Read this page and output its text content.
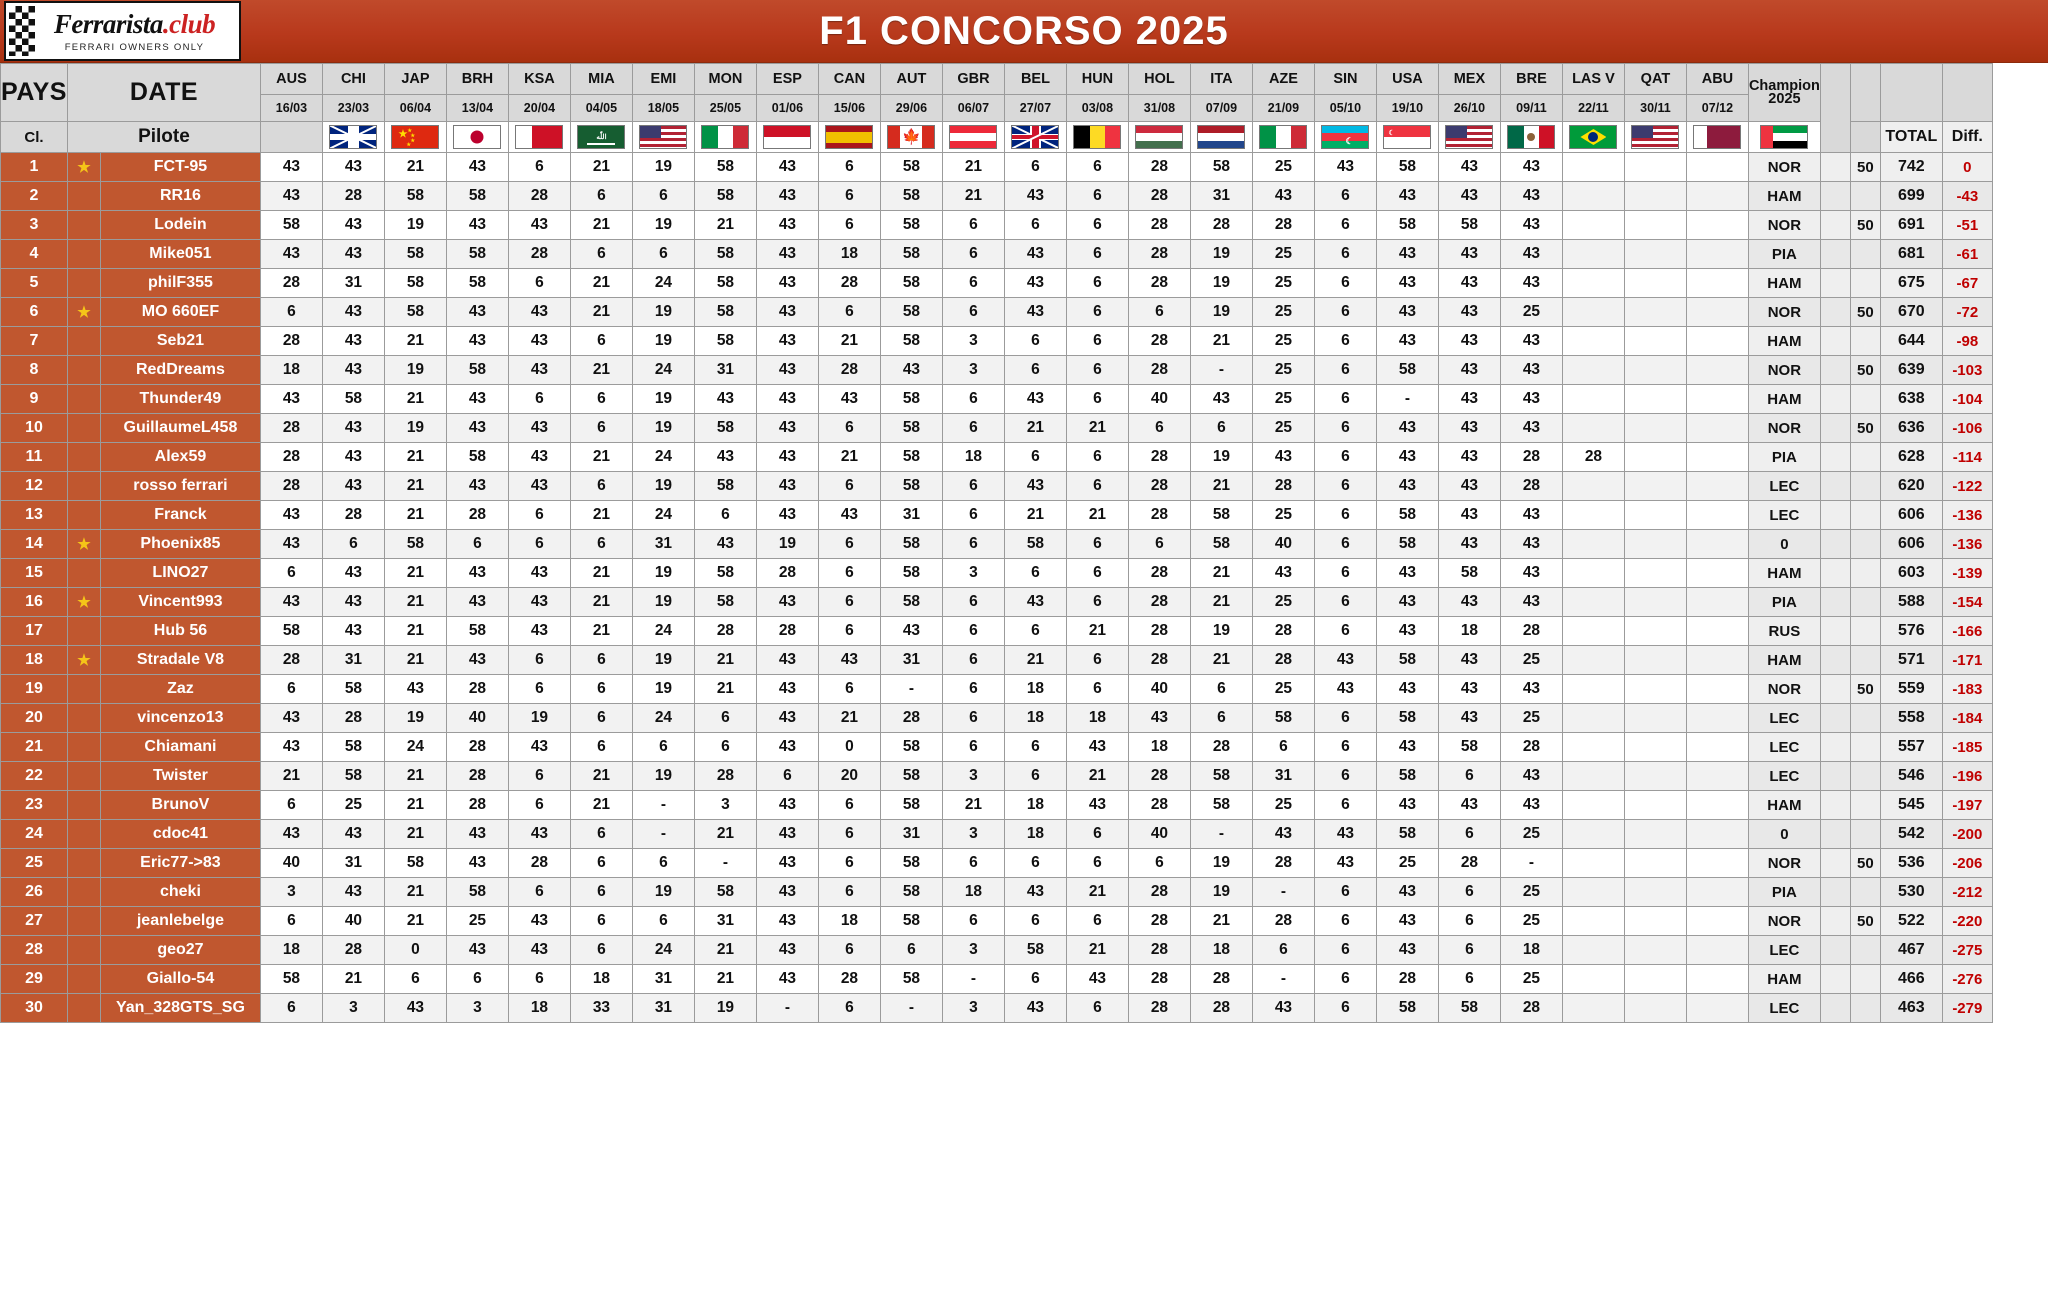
Ferrarista.club
FERRARI OWNERS ONLY	F1 CONCORSO 2025
PAYS	DATE		AUS	CHI	JAP	BRH	KSA	MIA	EMI	MON	ESP	CAN	AUT	GBR	BEL	HUN	HOL	ITA	AZE	SIN	USA	MEX	BRE	LAS V	QAT	ABU	Champion
2025				

			16/03	23/03	06/04	13/04	20/04	04/05	18/05	25/05	01/06	15/06	29/06	06/07	27/07	03/08	31/08	07/09	21/09	05/10	19/10	26/10	09/11	22/11	30/11	07/12					
Cl.	Pilote				★ ★
★
★
★			اللّٰه					🍁								☾									TOTAL	Diff.
1	★	FCT-95	43	43	21	43	6	21	19	58	43	6	58	21	6	6	28	58	25	43	58	43	43				NOR		50	742	0
2		RR16	43	28	58	58	28	6	6	58	43	6	58	21	43	6	28	31	43	6	43	43	43				HAM			699	-43
3		Lodein	58	43	19	43	43	21	19	21	43	6	58	6	6	6	28	28	28	6	58	58	43				NOR		50	691	-51
4		Mike051	43	43	58	58	28	6	6	58	43	18	58	6	43	6	28	19	25	6	43	43	43				PIA			681	-61
5		philF355	28	31	58	58	6	21	24	58	43	28	58	6	43	6	28	19	25	6	43	43	43				HAM			675	-67
6	★	MO 660EF	6	43	58	43	43	21	19	58	43	6	58	6	43	6	6	19	25	6	43	43	25				NOR		50	670	-72
7		Seb21	28	43	21	43	43	6	19	58	43	21	58	3	6	6	28	21	25	6	43	43	43				HAM			644	-98
8		RedDreams	18	43	19	58	43	21	24	31	43	28	43	3	6	6	28	-	25	6	58	43	43				NOR		50	639	-103
9		Thunder49	43	58	21	43	6	6	19	43	43	43	58	6	43	6	40	43	25	6	-	43	43				HAM			638	-104
10		GuillaumeL458	28	43	19	43	43	6	19	58	43	6	58	6	21	21	6	6	25	6	43	43	43				NOR		50	636	-106
11		Alex59	28	43	21	58	43	21	24	43	43	21	58	18	6	6	28	19	43	6	43	43	28	28			PIA			628	-114
12		rosso ferrari	28	43	21	43	43	6	19	58	43	6	58	6	43	6	28	21	28	6	43	43	28				LEC			620	-122
13		Franck	43	28	21	28	6	21	24	6	43	43	31	6	21	21	28	58	25	6	58	43	43				LEC			606	-136
14	★	Phoenix85	43	6	58	6	6	6	31	43	19	6	58	6	58	6	6	58	40	6	58	43	43				0			606	-136
15		LINO27	6	43	21	43	43	21	19	58	28	6	58	3	6	6	28	21	43	6	43	58	43				HAM			603	-139
16	★	Vincent993	43	43	21	43	43	21	19	58	43	6	58	6	43	6	28	21	25	6	43	43	43				PIA			588	-154
17		Hub 56	58	43	21	58	43	21	24	28	28	6	43	6	6	21	28	19	28	6	43	18	28				RUS			576	-166
18	★	Stradale V8	28	31	21	43	6	6	19	21	43	43	31	6	21	6	28	21	28	43	58	43	25				HAM			571	-171
19		Zaz	6	58	43	28	6	6	19	21	43	6	-	6	18	6	40	6	25	43	43	43	43				NOR		50	559	-183
20		vincenzo13	43	28	19	40	19	6	24	6	43	21	28	6	18	18	43	6	58	6	58	43	25				LEC			558	-184
21		Chiamani	43	58	24	28	43	6	6	6	43	0	58	6	6	43	18	28	6	6	43	58	28				LEC			557	-185
22		Twister	21	58	21	28	6	21	19	28	6	20	58	3	6	21	28	58	31	6	58	6	43				LEC			546	-196
23		BrunoV	6	25	21	28	6	21	-	3	43	6	58	21	18	43	28	58	25	6	43	43	43				HAM			545	-197
24		cdoc41	43	43	21	43	43	6	-	21	43	6	31	3	18	6	40	-	43	43	58	6	25				0			542	-200
25		Eric77->83	40	31	58	43	28	6	6	-	43	6	58	6	6	6	6	19	28	43	25	28	-				NOR		50	536	-206
26		cheki	3	43	21	58	6	6	19	58	43	6	58	18	43	21	28	19	-	6	43	6	25				PIA			530	-212
27		jeanlebelge	6	40	21	25	43	6	6	31	43	18	58	6	6	6	28	21	28	6	43	6	25				NOR		50	522	-220
28		geo27	18	28	0	43	43	6	24	21	43	6	6	3	58	21	28	18	6	6	43	6	18				LEC			467	-275
29		Giallo-54	58	21	6	6	6	18	31	21	43	28	58	-	6	43	28	28	-	6	28	6	25				HAM			466	-276
30		Yan_328GTS_SG	6	3	43	3	18	33	31	19	-	6	-	3	43	6	28	28	43	6	58	58	28				LEC			463	-279
